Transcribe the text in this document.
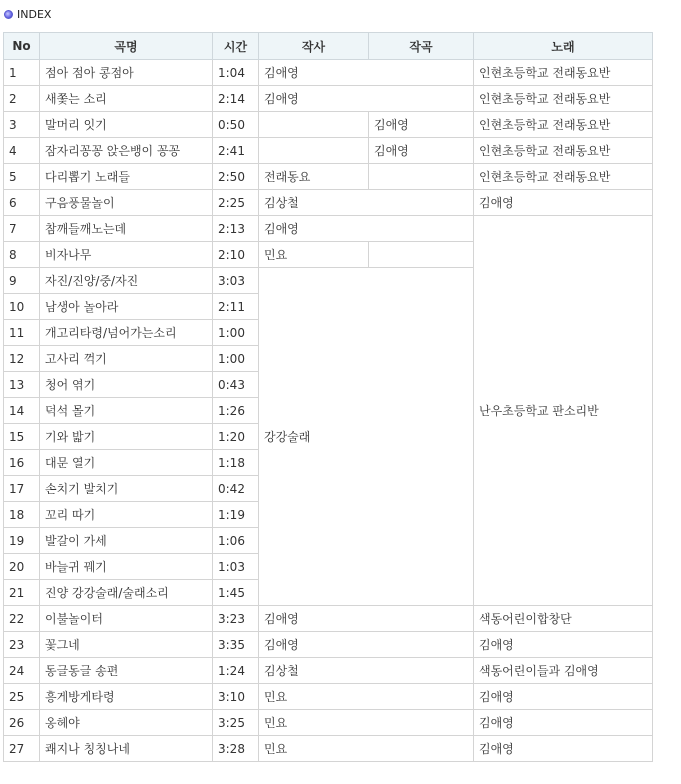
INDEX
No	곡명	시간	작사	작곡	노래
1	점아 점아 콩점아	1:04	김애영		인현초등학교 전래동요반
2	새쫓는 소리	2:14	김애영		인현초등학교 전래동요반
3	말머리 잇기	0:50		김애영	인현초등학교 전래동요반
4	잠자리꽁꽁 앉은뱅이 꽁꽁	2:41		김애영	인현초등학교 전래동요반
5	다리뽑기 노래들	2:50	전래동요		인현초등학교 전래동요반
6	구음풍물놀이	2:25	김상철		김애영
7	참깨들깨노는데	2:13	김애영		난우초등학교 판소리반
8	비자나무	2:10	민요		
9	자진/진양/중/자진	3:03	강강술래		
10	남생아 놀아라	2:11			
11	개고리타령/넘어가는소리	1:00			
12	고사리 꺽기	1:00			
13	청어 엮기	0:43			
14	덕석 몰기	1:26			
15	기와 밟기	1:20			
16	대문 열기	1:18			
17	손치기 발치기	0:42			
18	꼬리 따기	1:19			
19	발갈이 가세	1:06			
20	바늘귀 꿰기	1:03			
21	진양 강강술래/술래소리	1:45			
22	이불놀이터	3:23	김애영		색동어린이합창단
23	꽃그네	3:35	김애영		김애영
24	동글동글 송편	1:24	김상철		색동어린이들과 김애영
25	흥게방게타령	3:10	민요		김애영
26	옹헤야	3:25	민요		김애영
27	쾌지나 칭칭나네	3:28	민요		김애영
